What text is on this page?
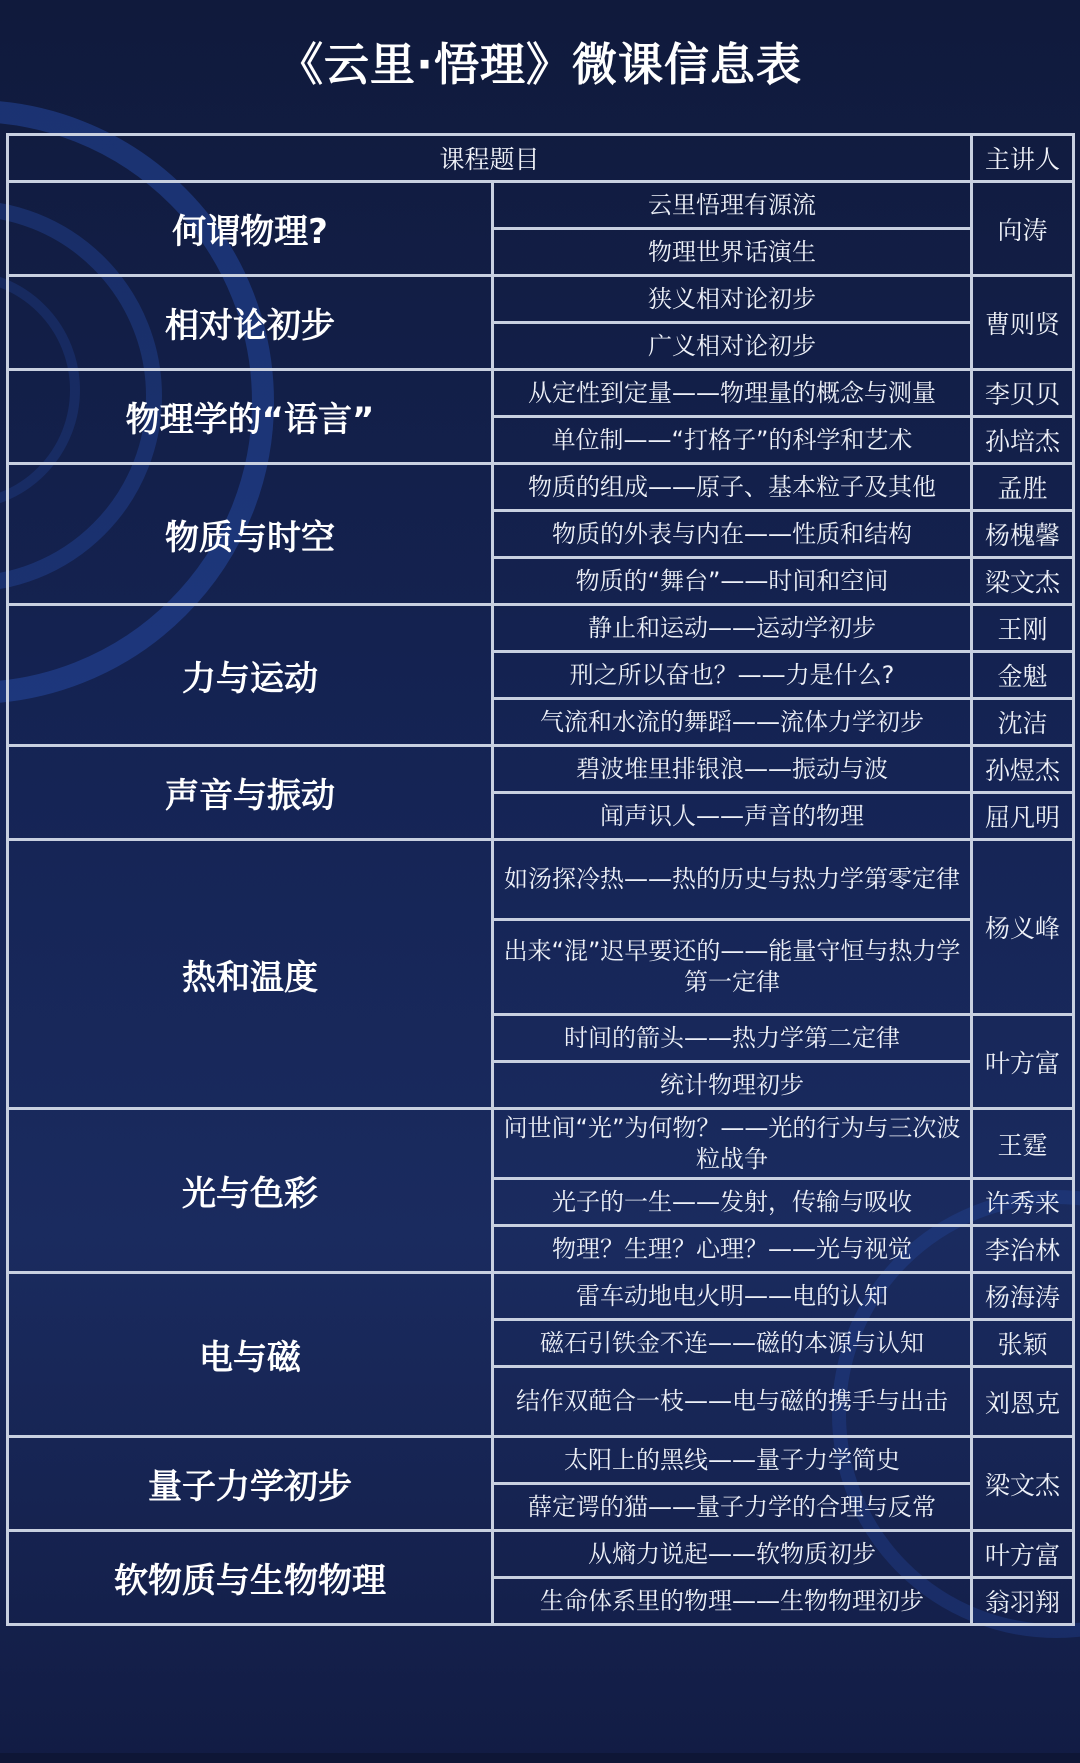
《云里·悟理》微课信息表
课程题目		主讲人
何谓物理?	云里悟理有源流	向涛
	物理世界话演生	
相对论初步	狭义相对论初步	曹则贤
	广义相对论初步	
物理学的“语言”	从定性到定量——物理量的概念与测量	李贝贝
	单位制——“打格子”的科学和艺术	孙培杰
物质与时空	物质的组成——原子、基本粒子及其他	孟胜
	物质的外表与内在——性质和结构	杨槐馨
	物质的“舞台”——时间和空间	梁文杰
力与运动	静止和运动——运动学初步	王刚
	刑之所以奋也？——力是什么?	金魁
	气流和水流的舞蹈——流体力学初步	沈洁
声音与振动	碧波堆里排银浪——振动与波	孙煜杰
	闻声识人——声音的物理	屈凡明
热和温度	如汤探冷热——热的历史与热力学第零定律	杨义峰
	出来“混”迟早要还的——能量守恒与热力学第一定律	
	时间的箭头——热力学第二定律	叶方富
	统计物理初步	
光与色彩	问世间“光”为何物？——光的行为与三次波粒战争	王霆
	光子的一生——发射，传输与吸收	许秀来
	物理？生理？心理？——光与视觉	李治林
电与磁	雷车动地电火明——电的认知	杨海涛
	磁石引铁金不连——磁的本源与认知	张颖
	结作双葩合一枝——电与磁的携手与出击	刘恩克
量子力学初步	太阳上的黑线——量子力学简史	梁文杰
	薛定谔的猫——量子力学的合理与反常	
软物质与生物物理	从熵力说起——软物质初步	叶方富
	生命体系里的物理——生物物理初步	翁羽翔
